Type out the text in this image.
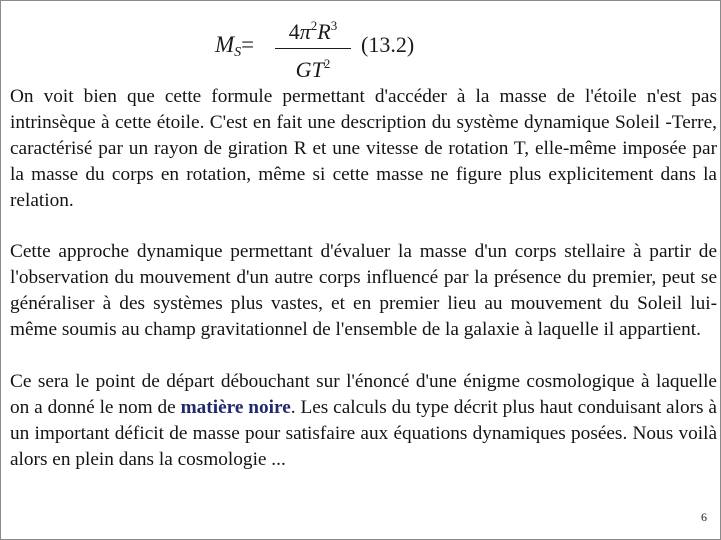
$M_S=$
$4\pi^2R^3$
$GT^2$
(13.2)

On voit bien que cette formule permettant d'accéder à la masse de l'étoile n'est pas intrinsèque à cette étoile. C'est en fait une description du système dynamique Soleil -Terre, caractérisé par un rayon de giration R et une vitesse de rotation T, elle-même imposée par la masse du corps en rotation, même si cette masse ne figure plus explicitement dans la relation.

Cette approche dynamique permettant d'évaluer la masse d'un corps stellaire à partir de l'observation du mouvement d'un autre corps influencé par la présence du premier, peut se généraliser à des systèmes plus vastes, et en premier lieu au mouvement du Soleil lui-même soumis au champ gravitationnel de l'ensemble de la galaxie à laquelle il appartient.

Ce sera le point de départ débouchant sur l'énoncé d'une énigme cosmologique à laquelle on a donné le nom de matière noire. Les calculs du type décrit plus haut conduisant alors à un important déficit de masse pour satisfaire aux équations dynamiques posées. Nous voilà alors en plein dans la cosmologie ...

6
